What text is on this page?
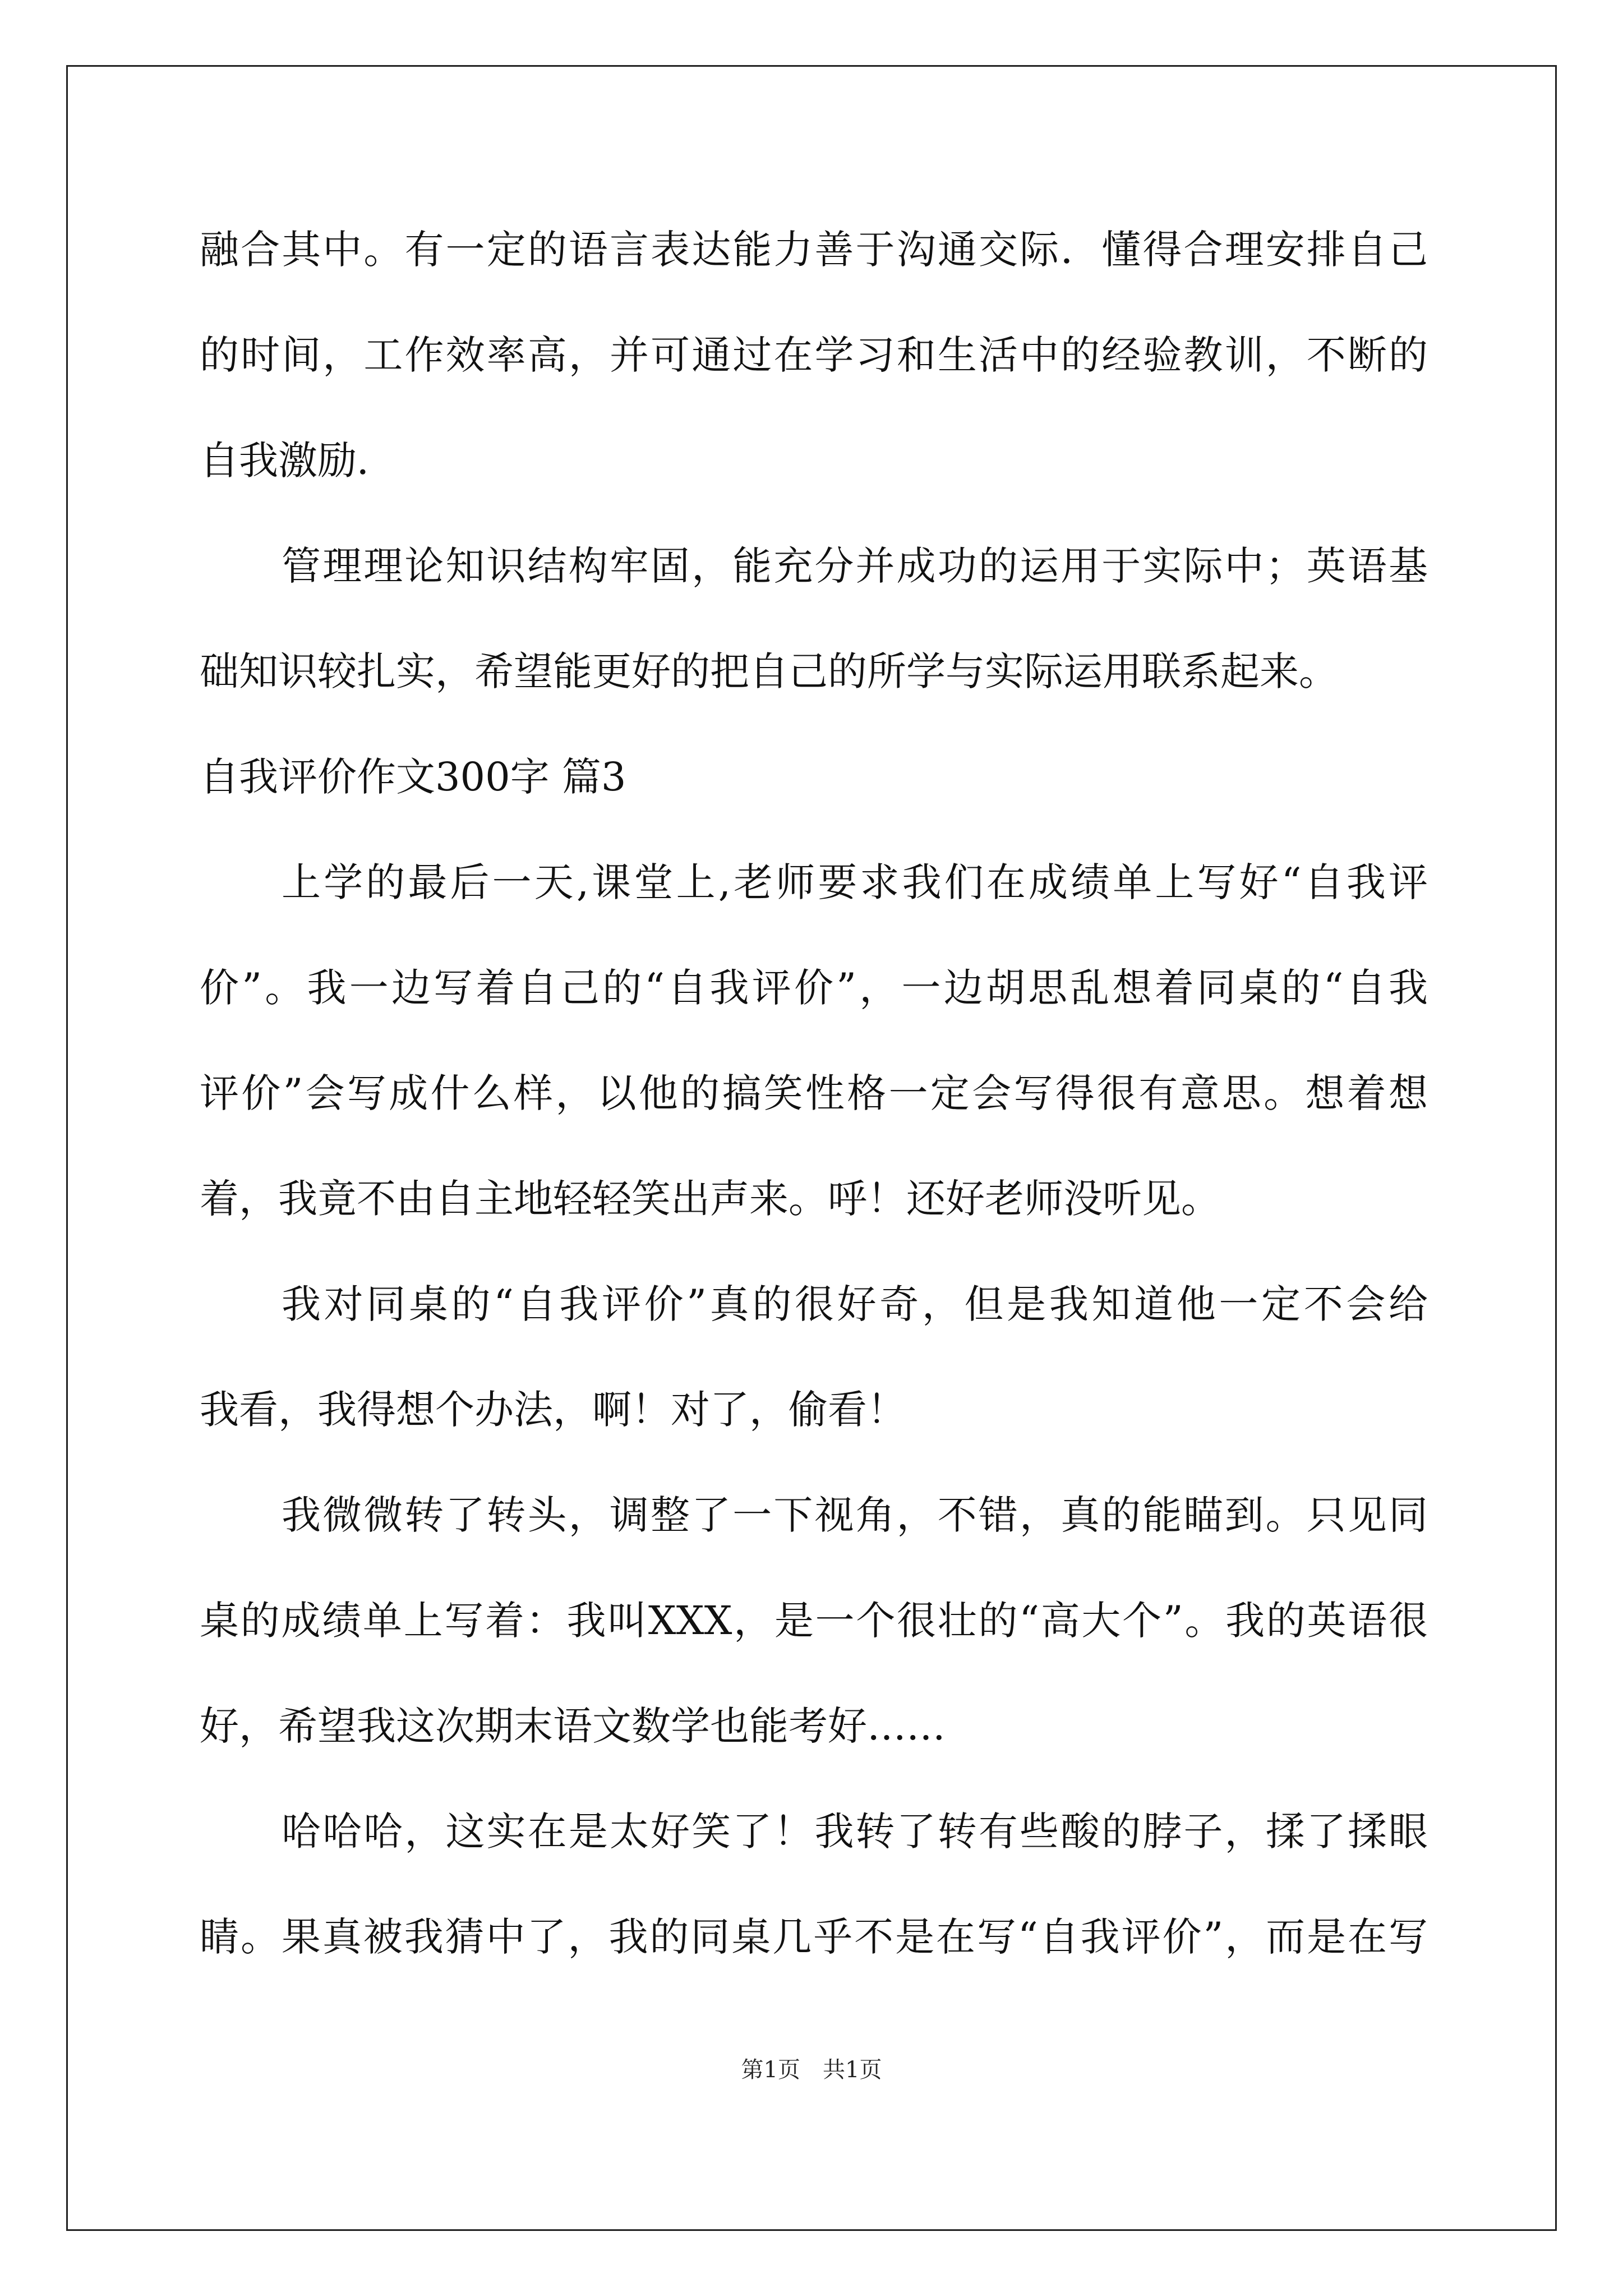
融合其中。有一定的语言表达能力善于沟通交际．懂得合理安排自己
的时间，工作效率高，并可通过在学习和生活中的经验教训，不断的
自我激励．
管理理论知识结构牢固，能充分并成功的运用于实际中；英语基
础知识较扎实，希望能更好的把自己的所学与实际运用联系起来。
自我评价作文300字 篇3
上学的最后一天,课堂上,老师要求我们在成绩单上写好“自我评
价”。我一边写着自己的“自我评价”，一边胡思乱想着同桌的“自我
评价”会写成什么样，以他的搞笑性格一定会写得很有意思。想着想
着，我竟不由自主地轻轻笑出声来。呼！还好老师没听见。
我对同桌的“自我评价”真的很好奇，但是我知道他一定不会给
我看，我得想个办法，啊！对了，偷看！
我微微转了转头，调整了一下视角，不错，真的能瞄到。只见同
桌的成绩单上写着：我叫XXX，是一个很壮的“高大个”。我的英语很
好，希望我这次期末语文数学也能考好……
哈哈哈，这实在是太好笑了！我转了转有些酸的脖子，揉了揉眼
睛。果真被我猜中了，我的同桌几乎不是在写“自我评价”，而是在写
第1页　共1页
